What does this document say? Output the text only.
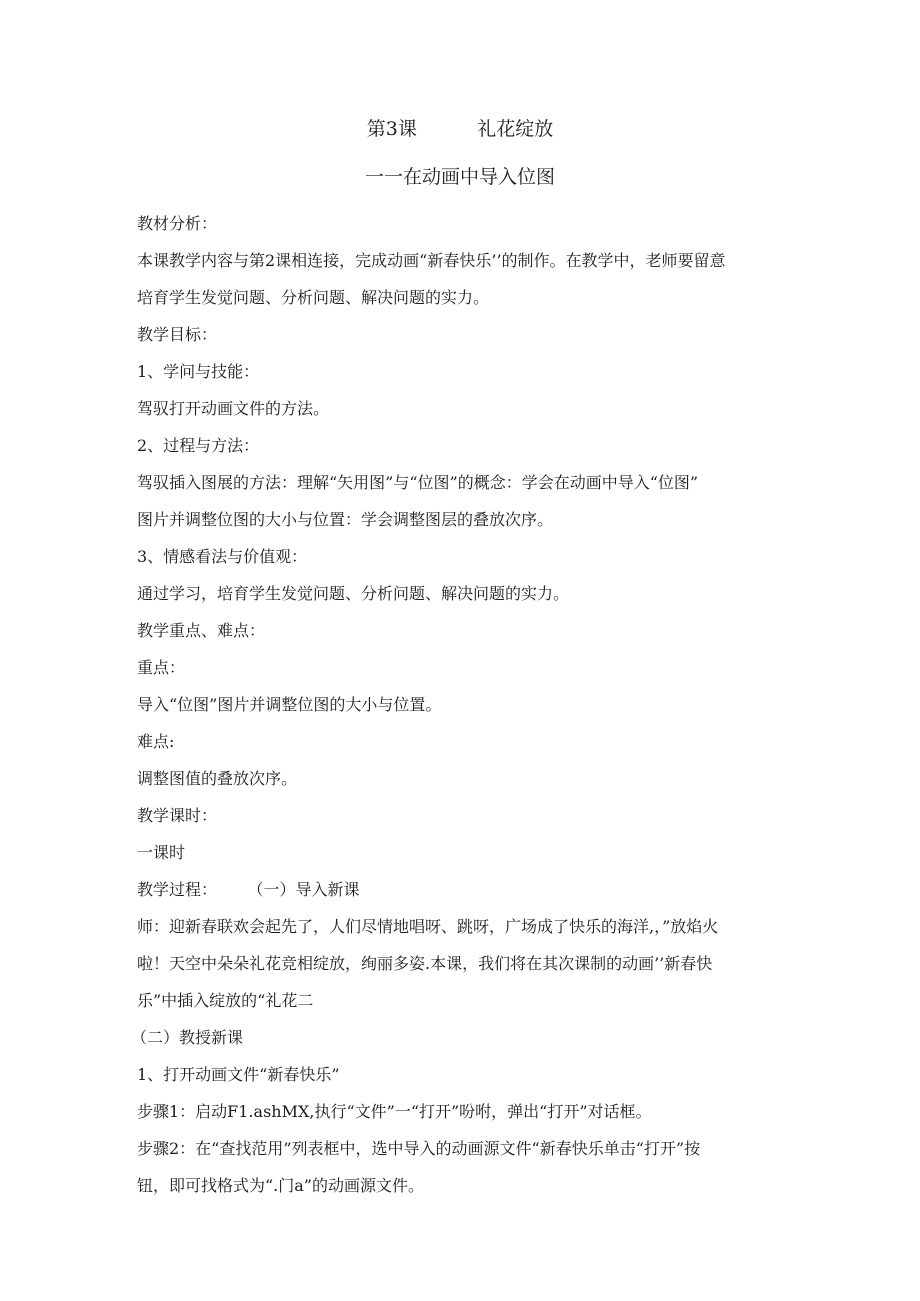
第3课          礼花绽放
一一在动画中导入位图
教材分析：
本课教学内容与第2课相连接，完成动画“新春快乐’’的制作。在教学中，老师要留意
培育学生发觉问题、分析问题、解决问题的实力。
教学目标：
1、学问与技能：
驾驭打开动画文件的方法。
2、过程与方法：
驾驭插入图展的方法：理解“矢用图”与“位图”的概念：学会在动画中导入“位图”
图片并调整位图的大小与位置：学会调整图层的叠放次序。
3、情感看法与价值观：
通过学习，培育学生发觉问题、分析问题、解决问题的实力。
教学重点、难点：
重点：
导入“位图”图片并调整位图的大小与位置。
难点:
调整图值的叠放次序。
教学课时：
一课时
教学过程：      （一）导入新课
师：迎新春联欢会起先了，人们尽情地唱呀、跳呀，广场成了快乐的海洋,，”放焰火
啦！天空中朵朵礼花竞相绽放，绚丽多姿.本课，我们将在其次课制的动画’’新春快
乐”中插入绽放的“礼花二
（二）教授新课
1、打开动画文件“新春快乐”
步骤1：启动F1.ashMX,执行“文件”一“打开”吩咐，弹出“打开”对话框。
步骤2：在“查找范用”列表框中，选中导入的动画源文件“新春快乐单击“打开”按
钮，即可找格式为“.门a”的动画源文件。
